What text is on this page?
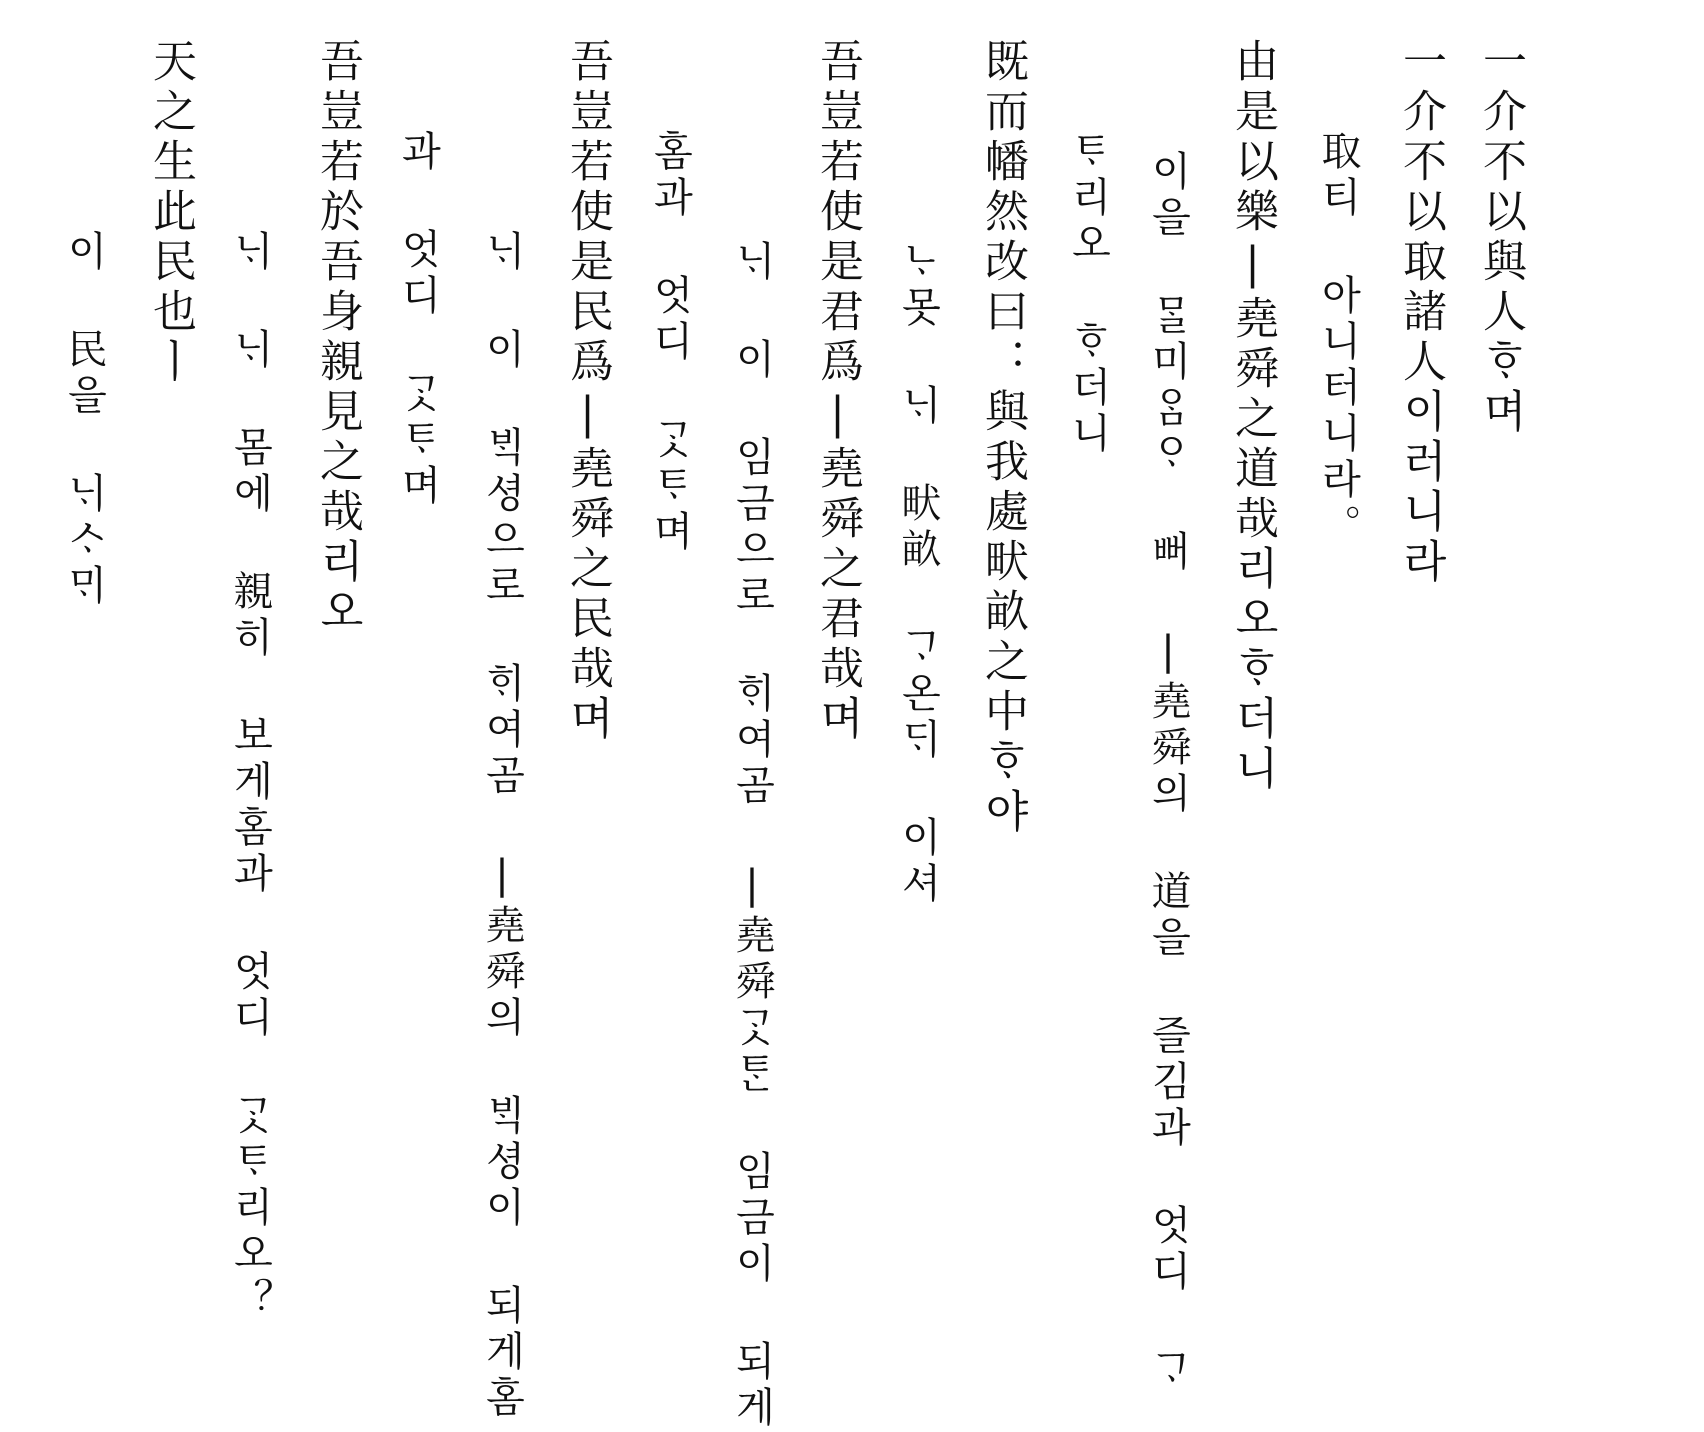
一介不以與人ᄒᆞ며
一介不以取諸人이러니라
取티 아니터니라。
由是以樂|堯舜之道哉리오ᄒᆞ더니
이을 ᄆᆞᆯ미ᄋᆞᆷᄋᆞ 뻐 |堯舜의 道을 즐김과 엇디 ᄀᆞ
ᄐᆞ리오 ᄒᆞ더니
既而幡然改曰：與我處畎畝之中ᄒᆞ야
ᄂᆞ못 ᄂᆡ 畎畝 ᄀᆞ온ᄃᆡ 이셔
吾豈若使是君爲|堯舜之君哉며
ᄂᆡ 이 임금으로 ᄒᆡ여곰 |堯舜ᄀᆞᆺᄐᆞᆫ 임금이 되게
홈과 엇디 ᄀᆞᆺᄐᆞ며
吾豈若使是民爲|堯舜之民哉며
ᄂᆡ 이 ᄇᆡᆨ셩으로 ᄒᆡ여곰 |堯舜의 ᄇᆡᆨ셩이 되게홈
과 엇디 ᄀᆞᆺᄐᆞ며
吾豈若於吾身親見之哉리오
ᄂᆡ ᄂᆡ 몸에 親히 보게홈과 엇디 ᄀᆞᆺᄐᆞ리오？
天之生此民也ㅣ
이 民을 ᄂᆡᄉᆞᄆᆡ
